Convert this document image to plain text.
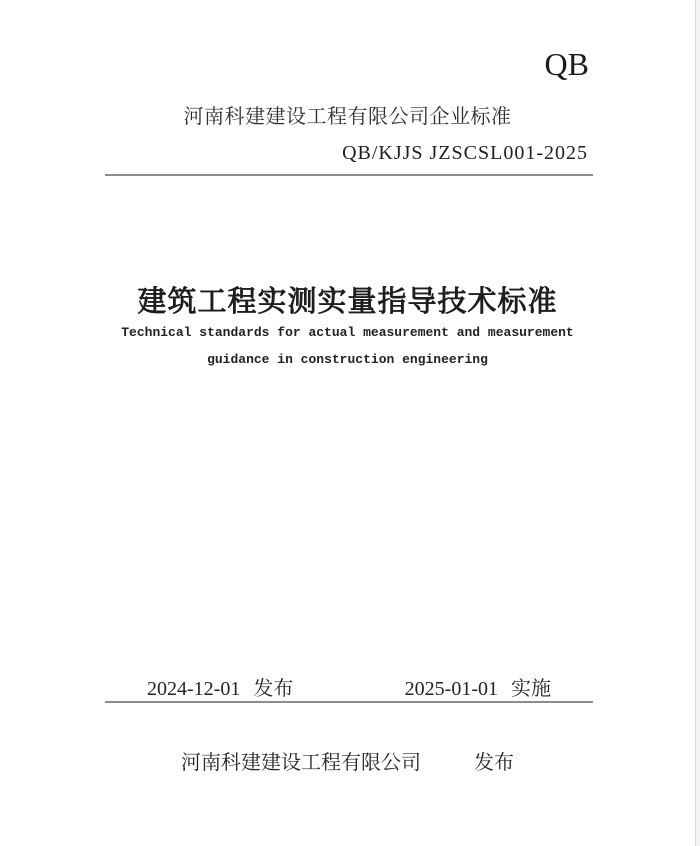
QB
河南科建建设工程有限公司企业标准
QB/KJJS JZSCSL001-2025
建筑工程实测实量指导技术标准
Technical standards for actual measurement and measurement
guidance in construction engineering
2024-12-01 发布	2025-01-01 实施
河南科建建设工程有限公司	发布
